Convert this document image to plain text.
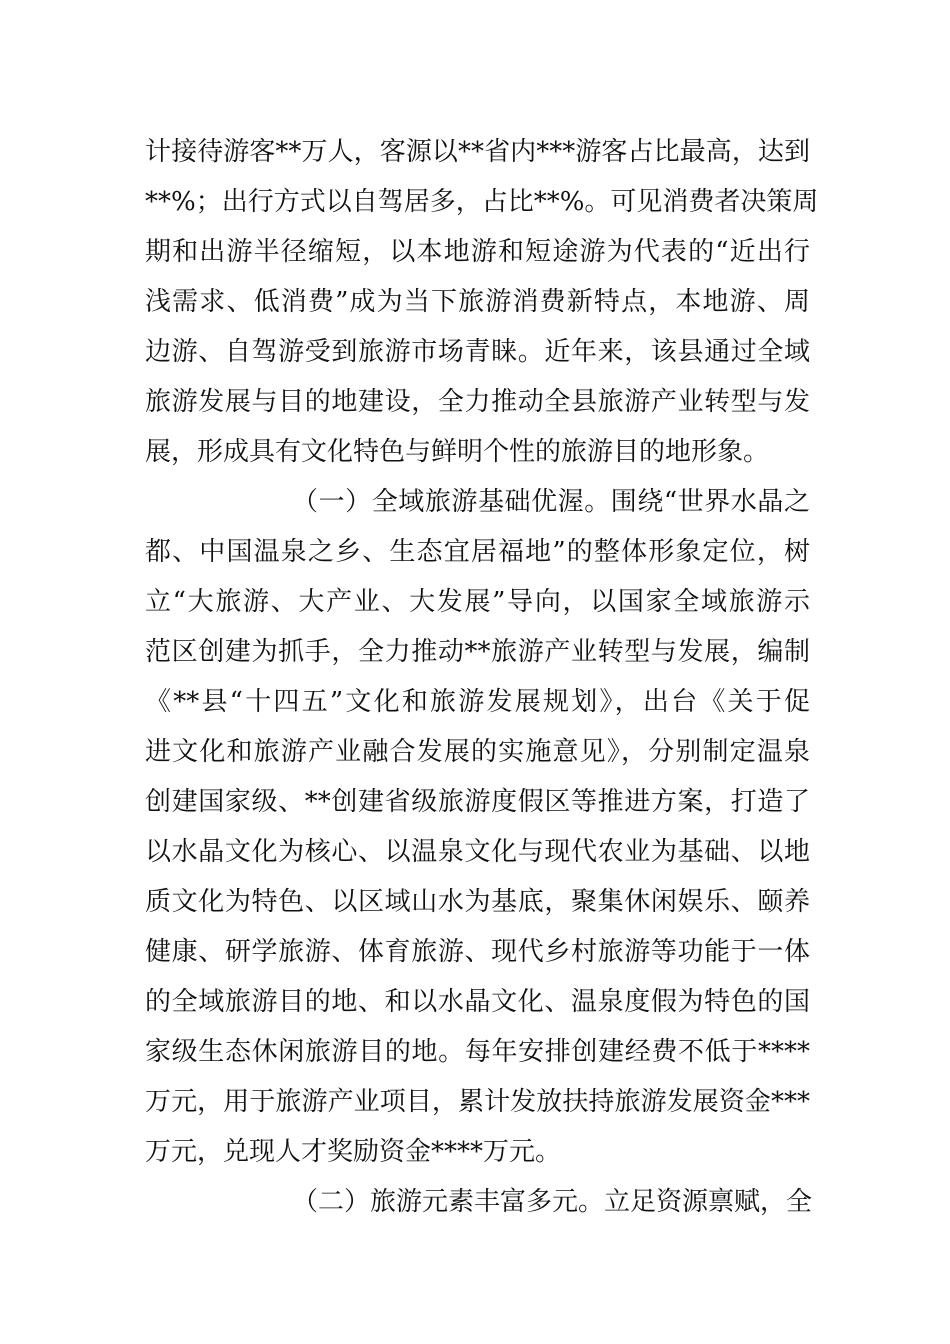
计接待游客**万人，客源以**省内***游客占比最高，达到
**%；出行方式以自驾居多，占比**%。可见消费者决策周
期和出游半径缩短，以本地游和短途游为代表的“近出行
浅需求、低消费”成为当下旅游消费新特点，本地游、周
边游、自驾游受到旅游市场青睐。近年来，该县通过全域
旅游发展与目的地建设，全力推动全县旅游产业转型与发
展，形成具有文化特色与鲜明个性的旅游目的地形象。
（一）全域旅游基础优渥。围绕“世界水晶之
都、中国温泉之乡、生态宜居福地”的整体形象定位，树
立“大旅游、大产业、大发展”导向，以国家全域旅游示
范区创建为抓手，全力推动**旅游产业转型与发展，编制
《**县“十四五”文化和旅游发展规划》，出台《关于促
进文化和旅游产业融合发展的实施意见》，分别制定温泉
创建国家级、**创建省级旅游度假区等推进方案，打造了
以水晶文化为核心、以温泉文化与现代农业为基础、以地
质文化为特色、以区域山水为基底，聚集休闲娱乐、颐养
健康、研学旅游、体育旅游、现代乡村旅游等功能于一体
的全域旅游目的地、和以水晶文化、温泉度假为特色的国
家级生态休闲旅游目的地。每年安排创建经费不低于****
万元，用于旅游产业项目，累计发放扶持旅游发展资金***
万元，兑现人才奖励资金****万元。
（二）旅游元素丰富多元。立足资源禀赋，全
